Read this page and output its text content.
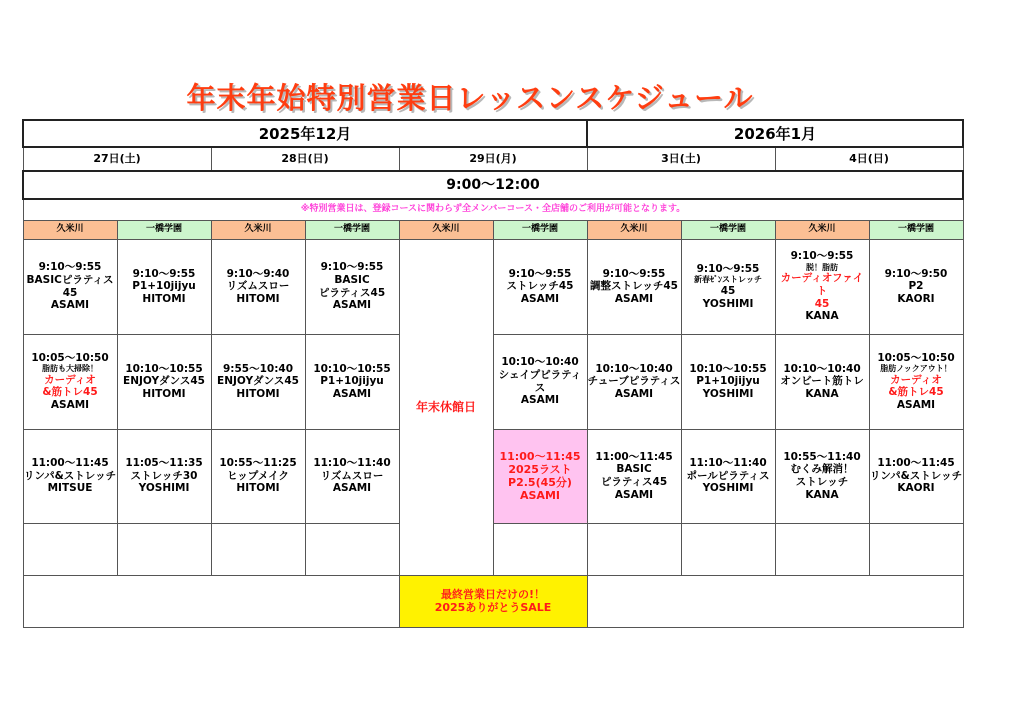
年末年始特別営業日レッスンスケジュール
2025年12月						2026年1月			
27日(土)		28日(日)		29日(月)		3日(土)		4日(日)	
9:00〜12:00									
※特別営業日は、登録コースに関わらず全メンバーコース・全店舗のご利用が可能となります。									
久米川	一橋学園	久米川	一橋学園	久米川	一橋学園	久米川	一橋学園	久米川	一橋学園

9:10〜9:55
BASICピラティス
45
ASAMI	9:10〜9:55
P1+10jijyu
HITOMI	9:10〜9:40
リズムスロー
HITOMI	9:10〜9:55
BASIC
ピラティス45
ASAMI	年末休館日	9:10〜9:55
ストレッチ45
ASAMI	9:10〜9:55
調整ストレッチ45
ASAMI	9:10〜9:55
新春ｾﾞﾝストレッチ
45
YOSHIMI	9:10〜9:55
脱！脂肪
カーディオファイト
45
KANA	9:10〜9:50
P2
KAORI

10:05〜10:50
脂肪も大掃除！
カーディオ
&筋トレ45
ASAMI	10:10〜10:55
ENJOYダンス45
HITOMI	9:55〜10:40
ENJOYダンス45
HITOMI	10:10〜10:55
P1+10jijyu
ASAMI		10:10〜10:40
シェイプピラティス
ASAMI	10:10〜10:40
チューブピラティス
ASAMI	10:10〜10:55
P1+10jijyu
YOSHIMI	10:10〜10:40
オンビート筋トレ
KANA	10:05〜10:50
脂肪ノックアウト！
カーディオ
&筋トレ45
ASAMI

11:00〜11:45
リンパ&ストレッチ
MITSUE	11:05〜11:35
ストレッチ30
YOSHIMI	10:55〜11:25
ヒップメイク
HITOMI	11:10〜11:40
リズムスロー
ASAMI		11:00〜11:45
2025ラスト
P2.5(45分)
ASAMI	11:00〜11:45
BASIC
ピラティス45
ASAMI	11:10〜11:40
ポールピラティス
YOSHIMI	10:55〜11:40
むくみ解消！
ストレッチ
KANA	11:00〜11:45
リンパ&ストレッチ
KAORI

				最終営業日だけの!！
2025ありがとうSALE					
